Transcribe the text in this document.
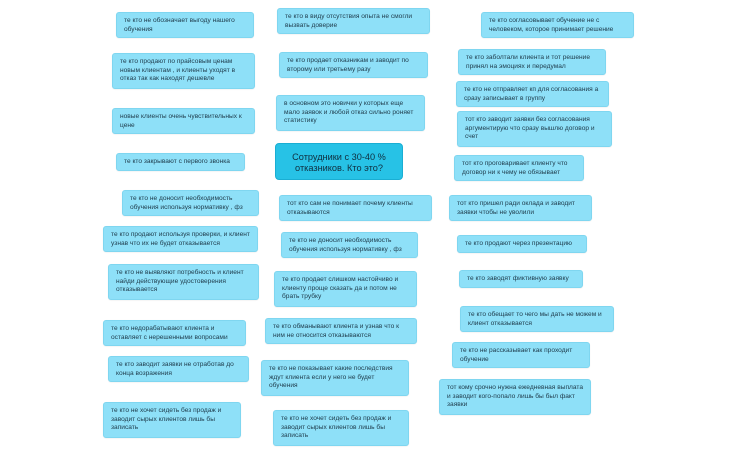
Сотрудники с 30-40 % отказников. Кто это?
те кто не обозначает выгоду нашего обучения
те кто продают по прайсовым ценам новым клиентам , и клиенты уходят в отказ так как находят дешевле
новые клиенты очень чувствительных к цене
те кто закрывают с первого звонка
те кто не доносит необходимость обучения используя нормативку , фз
те кто продают используя проверки, и клиент узнав что их не будет отказывается
те кто не выявляют потребность и клиент найди действующие удостоверения отказывается
те кто недорабатывают клиента и оставляет с нерешенными вопросами
те кто заводит заявки не отработав до конца возражения
те кто не хочет сидеть без продаж и заводит сырых клиентов лишь бы записать
те кто в виду отсутствия опыта не смогли вызвать доверие
те кто продает отказникам и заводит по второму или третьему разу
в основном это новички у которых еще мало заявок и любой отказ сильно роняет статистику
тот кто сам не понимает почему клиенты отказываются
те кто не доносит необходимость обучения используя нормативку , фз
те кто продает слишком настойчиво и клиенту проще сказать да и потом не брать трубку
те кто обманывают клиента и узнав что к ним не относится отказываются
те кто не показывает какие последствия ждут клиента если у него не будет обучения
те кто не хочет сидеть без продаж и заводит сырых клиентов лишь бы записать
те кто согласовывает обучение не с человеком, которое принимает решение
те кто заболтали клиента и тот решение принял на эмоциях и передумал
те кто не отправляет кп для согласования а сразу записывает в группу
тот кто заводит заявки без согласования аргументирую что сразу вышлю договор и счет
тот кто проговаривает клиенту что договор ни к чему не обязывает
тот кто пришел ради оклада и заводит заявки чтобы не уволили
те кто продают через презентацию
те кто заводят фиктивную заявку
те кто обещает то чего мы дать не можем и клиент отказывается
те кто не рассказывает как проходит обучение
тот кому срочно нужна ежедневная выплата и заводит кого-попало лишь бы был факт заявки
